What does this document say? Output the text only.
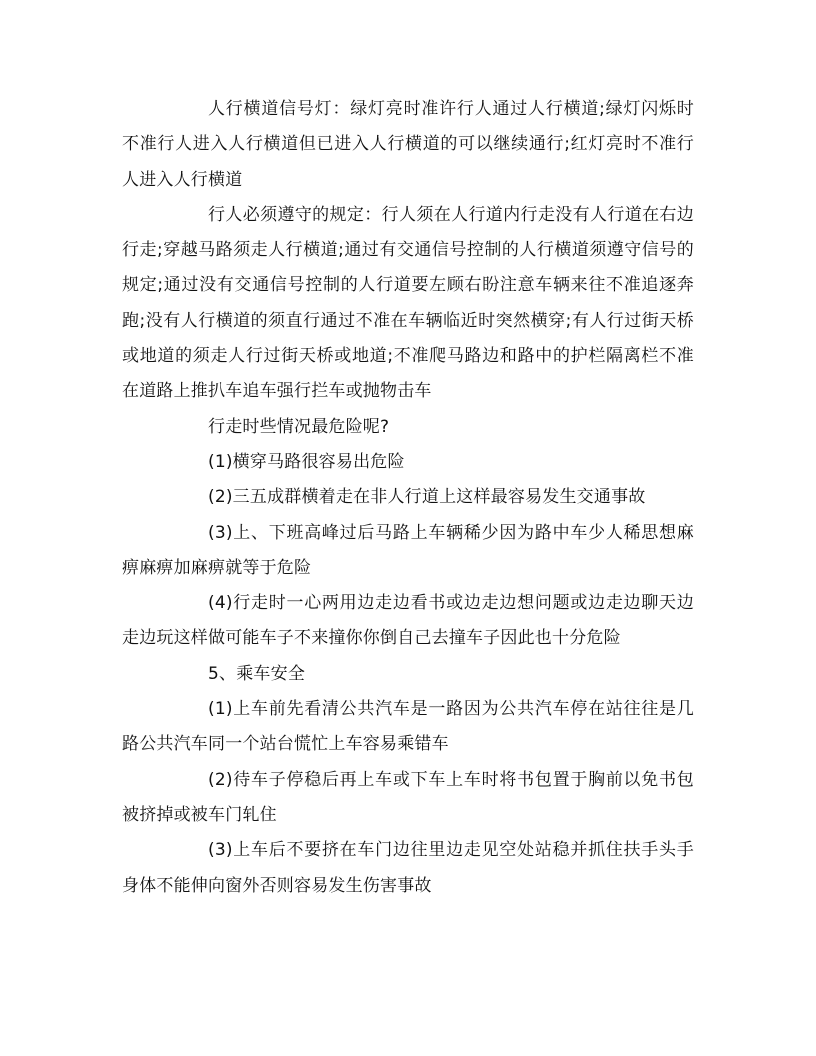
人行横道信号灯：绿灯亮时准许行人通过人行横道;绿灯闪烁时不准行人进入人行横道但已进入人行横道的可以继续通行;红灯亮时不准行人进入人行横道

行人必须遵守的规定：行人须在人行道内行走没有人行道在右边行走;穿越马路须走人行横道;通过有交通信号控制的人行横道须遵守信号的规定;通过没有交通信号控制的人行道要左顾右盼注意车辆来往不准追逐奔跑;没有人行横道的须直行通过不准在车辆临近时突然横穿;有人行过街天桥或地道的须走人行过街天桥或地道;不准爬马路边和路中的护栏隔离栏不准在道路上推扒车追车强行拦车或抛物击车

行走时些情况最危险呢?

(1)横穿马路很容易出危险

(2)三五成群横着走在非人行道上这样最容易发生交通事故

(3)上、下班高峰过后马路上车辆稀少因为路中车少人稀思想麻痹麻痹加麻痹就等于危险

(4)行走时一心两用边走边看书或边走边想问题或边走边聊天边走边玩这样做可能车子不来撞你你倒自己去撞车子因此也十分危险

5、乘车安全

(1)上车前先看清公共汽车是一路因为公共汽车停在站往往是几路公共汽车同一个站台慌忙上车容易乘错车

(2)待车子停稳后再上车或下车上车时将书包置于胸前以免书包被挤掉或被车门轧住

(3)上车后不要挤在车门边往里边走见空处站稳并抓住扶手头手身体不能伸向窗外否则容易发生伤害事故
